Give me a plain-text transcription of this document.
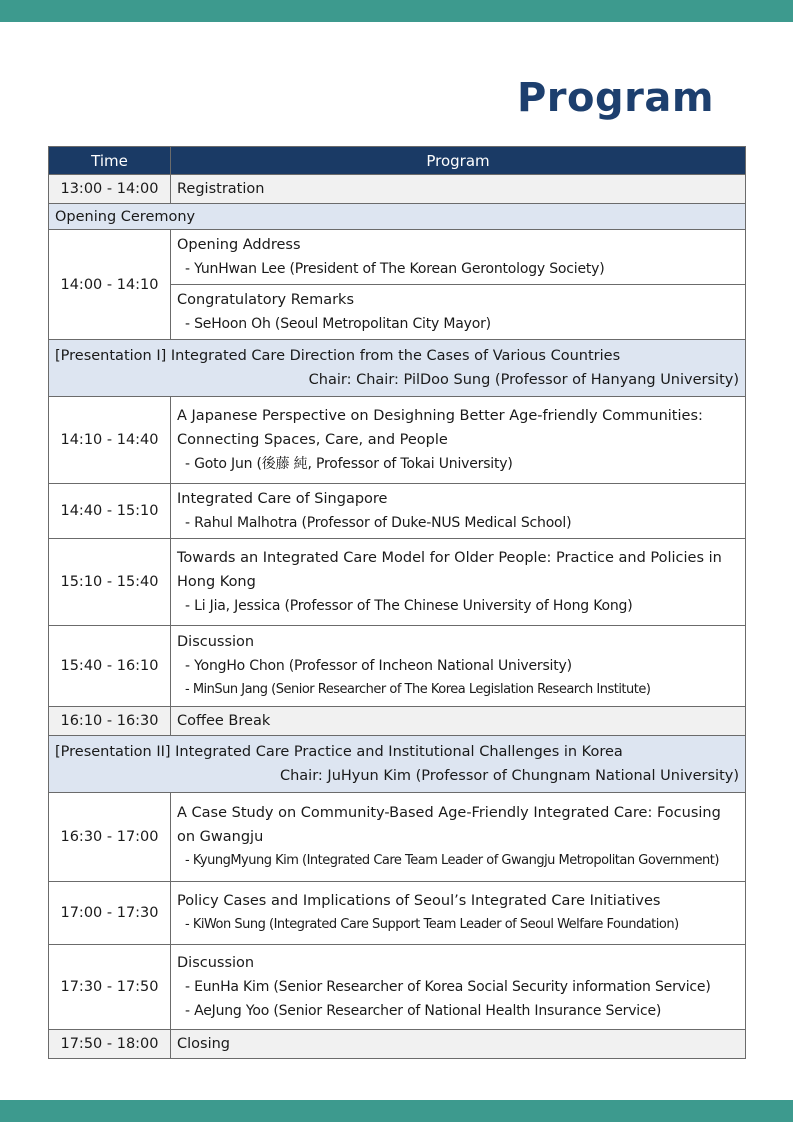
Program
Time	Program
13:00 - 14:00	Registration
Opening Ceremony	
14:00 - 14:10	Opening Address
- YunHwan Lee (President of The Korean Gerontology Society)

	Congratulatory Remarks
- SeHoon Oh (Seoul Metropolitan City Mayor)

[Presentation I] Integrated Care Direction from the Cases of Various Countries
Chair: Chair: PilDoo Sung (Professor of Hanyang University)	

14:10 - 14:40	A Japanese Perspective on Desighning Better Age-friendly Communities:
Connecting Spaces, Care, and People
- Goto Jun (後藤 純, Professor of Tokai University)

14:40 - 15:10	Integrated Care of Singapore
- Rahul Malhotra (Professor of Duke-NUS Medical School)

15:10 - 15:40	Towards an Integrated Care Model for Older People: Practice and Policies in
Hong Kong
- Li Jia, Jessica (Professor of The Chinese University of Hong Kong)

15:40 - 16:10	Discussion
- YongHo Chon (Professor of Incheon National University)
- MinSun Jang (Senior Researcher of The Korea Legislation Research Institute)

16:10 - 16:30	Coffee Break

[Presentation II] Integrated Care Practice and Institutional Challenges in Korea
Chair: JuHyun Kim (Professor of Chungnam National University)	

16:30 - 17:00	A Case Study on Community-Based Age-Friendly Integrated Care: Focusing
on Gwangju
- KyungMyung Kim (Integrated Care Team Leader of Gwangju Metropolitan Government)

17:00 - 17:30	Policy Cases and Implications of Seoul’s Integrated Care Initiatives
- KiWon Sung (Integrated Care Support Team Leader of Seoul Welfare Foundation)

17:30 - 17:50	Discussion
- EunHa Kim (Senior Researcher of Korea Social Security information Service)
- AeJung Yoo (Senior Researcher of National Health Insurance Service)

17:50 - 18:00	Closing
